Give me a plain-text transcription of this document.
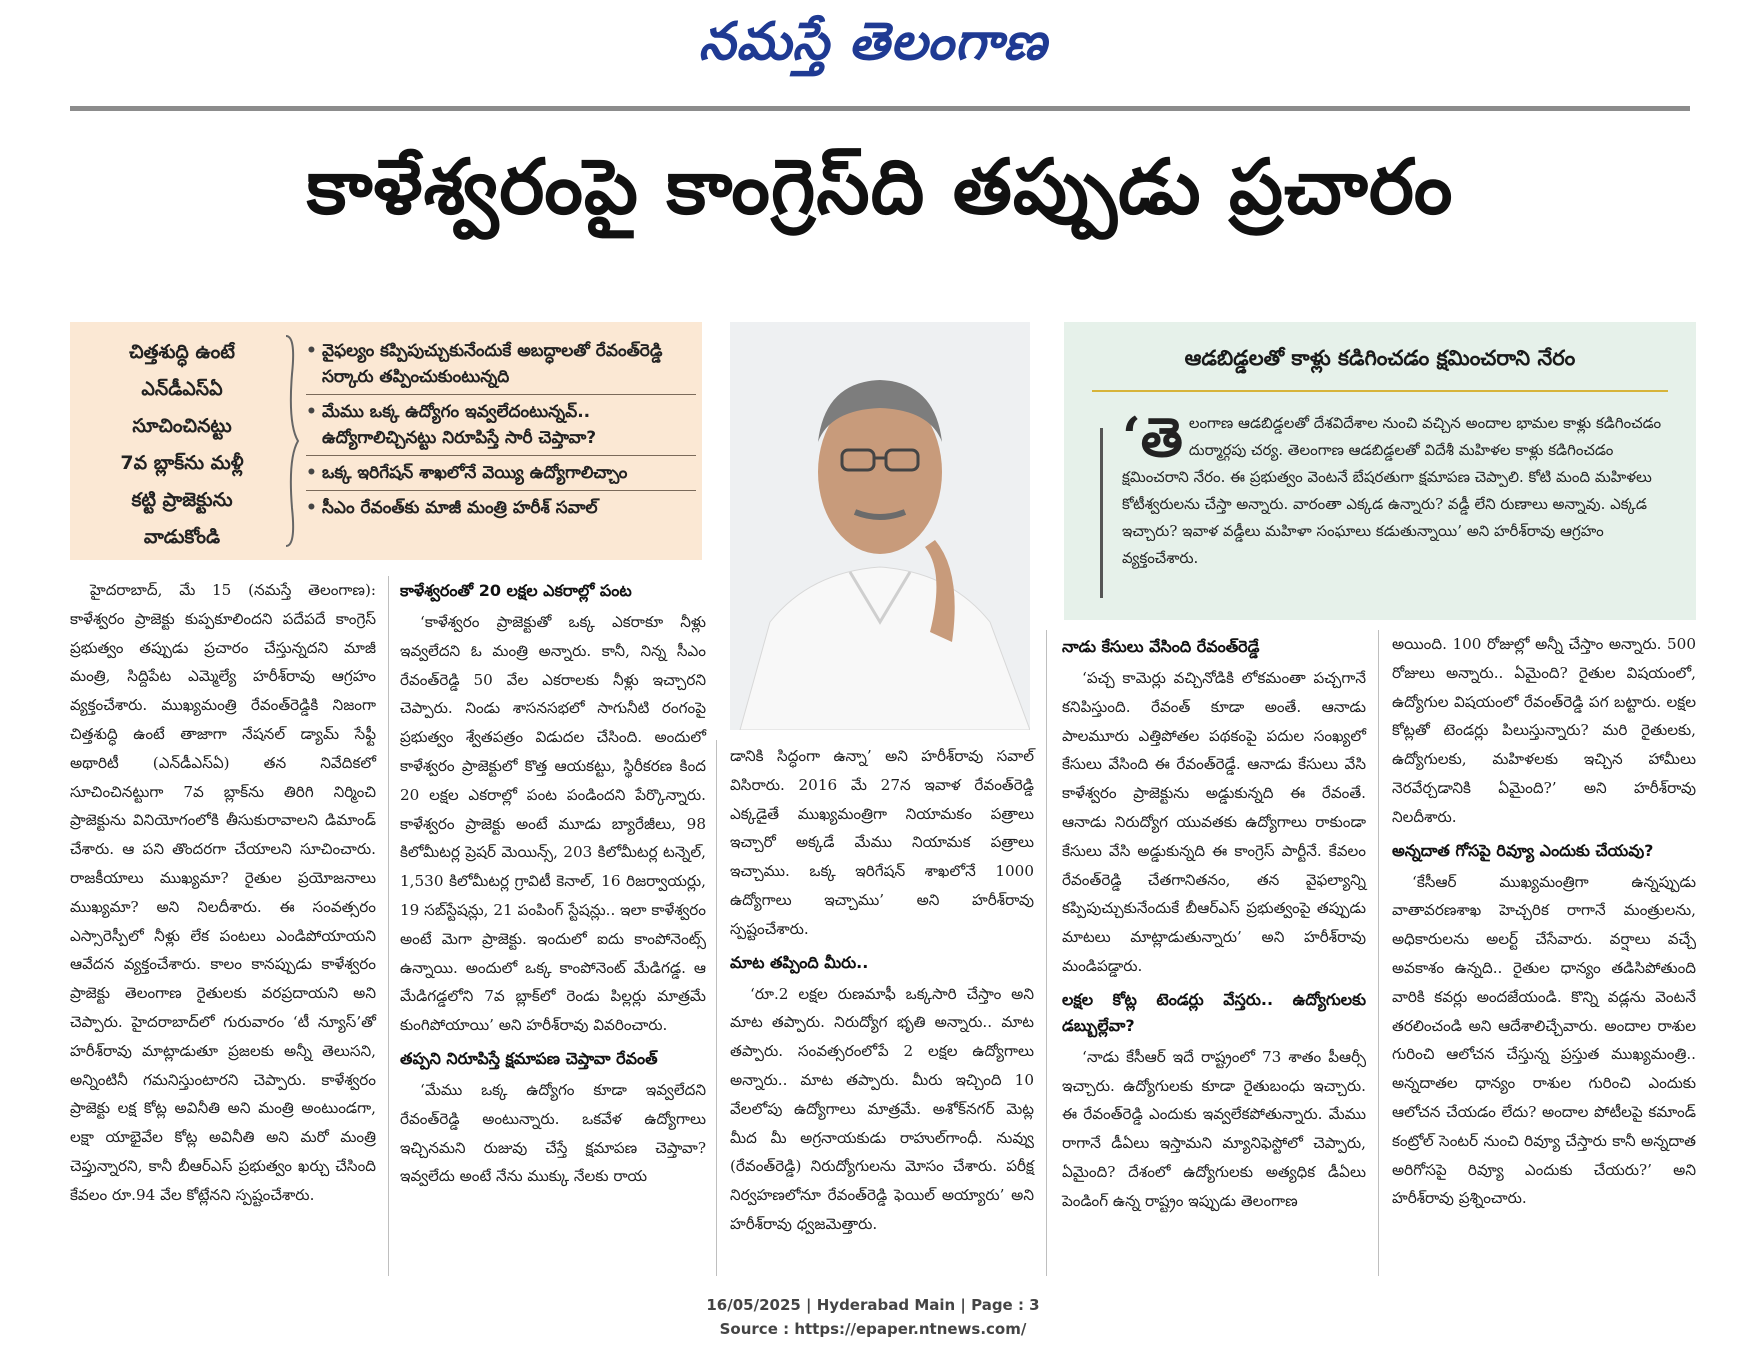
నమస్తే తెలంగాణ
కాళేశ్వరంపై కాంగ్రెస్‌ది తప్పుడు ప్రచారం
చిత్తశుద్ధి ఉంటే
ఎన్‌డీఎస్‌ఏ
సూచించినట్టు
7వ బ్లాక్‌ను మళ్లీ
కట్టి ప్రాజెక్టును
వాడుకోండి
• వైఫల్యం కప్పిపుచ్చుకునేందుకే అబద్ధాలతో రేవంత్‌రెడ్డి సర్కారు తప్పించుకుంటున్నది
• మేము ఒక్క ఉద్యోగం ఇవ్వలేదంటున్నవ్‌.. ఉద్యోగాలిచ్చినట్టు నిరూపిస్తే సారీ చెప్తావా?
• ఒక్క ఇరిగేషన్‌ శాఖలోనే వెయ్యి ఉద్యోగాలిచ్చాం
• సీఎం రేవంత్‌కు మాజీ మంత్రి హరీశ్‌ సవాల్‌
ఆడబిడ్డలతో కాళ్లు కడిగించడం క్షమించరాని నేరం
‘తె లంగాణ ఆడబిడ్డలతో దేశవిదేశాల నుంచి వచ్చిన అందాల భామల కాళ్లు కడిగించడం దుర్మార్గపు చర్య. తెలంగాణ ఆడబిడ్డలతో విదేశీ మహిళల కాళ్లు కడిగించడం క్షమించరాని నేరం. ఈ ప్రభుత్వం వెంటనే బేషరతుగా క్షమాపణ చెప్పాలి. కోటి మంది మహిళలు కోటీశ్వరులను చేస్తా అన్నారు. వారంతా ఎక్కడ ఉన్నారు? వడ్డీ లేని రుణాలు అన్నావు. ఎక్కడ ఇచ్చారు? ఇవాళ వడ్డీలు మహిళా సంఘాలు కడుతున్నాయి’ అని హరీశ్‌రావు ఆగ్రహం వ్యక్తంచేశారు.

హైదరాబాద్‌, మే 15 (నమస్తే తెలంగాణ): కాళేశ్వరం ప్రాజెక్టు కుప్పకూలిందని పదేపదే కాంగ్రెస్‌ ప్రభుత్వం తప్పుడు ప్రచారం చేస్తున్నదని మాజీ మంత్రి, సిద్దిపేట ఎమ్మెల్యే హరీశ్‌రావు ఆగ్రహం వ్యక్తంచేశారు. ముఖ్యమంత్రి రేవంత్‌రెడ్డికి నిజంగా చిత్తశుద్ధి ఉంటే తాజాగా నేషనల్‌ డ్యామ్‌ సేఫ్టీ అథారిటీ (ఎన్‌డీఎస్‌ఏ) తన నివేదికలో సూచించినట్టుగా 7వ బ్లాక్‌ను తిరిగి నిర్మించి ప్రాజెక్టును వినియోగంలోకి తీసుకురావాలని డిమాండ్‌ చేశారు. ఆ పని తొందరగా చేయాలని సూచించారు. రాజకీయాలు ముఖ్యమా? రైతుల ప్రయోజనాలు ముఖ్యమా? అని నిలదీశారు. ఈ సంవత్సరం ఎస్సారెస్పీలో నీళ్లు లేక పంటలు ఎండిపోయాయని ఆవేదన వ్యక్తంచేశారు. కాలం కానప్పుడు కాళేశ్వరం ప్రాజెక్టు తెలంగాణ రైతులకు వరప్రదాయని అని చెప్పారు. హైదరాబాద్‌లో గురువారం ‘టీ న్యూస్‌’తో హరీశ్‌రావు మాట్లాడుతూ ప్రజలకు అన్నీ తెలుసని, అన్నింటినీ గమనిస్తుంటారని చెప్పారు. కాళేశ్వరం ప్రాజెక్టు లక్ష కోట్ల అవినీతి అని మంత్రి అంటుండగా, లక్షా యాభైవేల కోట్ల అవినీతి అని మరో మంత్రి చెప్తున్నారని, కానీ బీఆర్‌ఎస్‌ ప్రభుత్వం ఖర్చు చేసింది కేవలం రూ.94 వేల కోట్లేనని స్పష్టంచేశారు.

కాళేశ్వరంతో 20 లక్షల ఎకరాల్లో పంట

‘కాళేశ్వరం ప్రాజెక్టుతో ఒక్క ఎకరాకూ నీళ్లు ఇవ్వలేదని ఓ మంత్రి అన్నారు. కానీ, నిన్న సీఎం రేవంత్‌రెడ్డి 50 వేల ఎకరాలకు నీళ్లు ఇచ్చారని చెప్పారు. నిండు శాసనసభలో సాగునీటి రంగంపై ప్రభుత్వం శ్వేతపత్రం విడుదల చేసింది. అందులో కాళేశ్వరం ప్రాజెక్టులో కొత్త ఆయకట్టు, స్థిరీకరణ కింద 20 లక్షల ఎకరాల్లో పంట పండిందని పేర్కొన్నారు. కాళేశ్వరం ప్రాజెక్టు అంటే మూడు బ్యారేజీలు, 98 కిలోమీటర్ల ప్రెషర్‌ మెయిన్స్‌, 203 కిలోమీటర్ల టన్నెల్‌, 1,530 కిలోమీటర్ల గ్రావిటీ కెనాల్‌, 16 రిజర్వాయర్లు, 19 సబ్‌స్టేషన్లు, 21 పంపింగ్‌ స్టేషన్లు.. ఇలా కాళేశ్వరం అంటే మెగా ప్రాజెక్టు. ఇందులో ఐదు కాంపోనెంట్స్‌ ఉన్నాయి. అందులో ఒక్క కాంపోనెంట్‌ మేడిగడ్డ. ఆ మేడిగడ్డలోని 7వ బ్లాక్‌లో రెండు పిల్లర్లు మాత్రమే కుంగిపోయాయి’ అని హరీశ్‌రావు వివరించారు.

తప్పని నిరూపిస్తే క్షమాపణ చెప్తావా రేవంత్‌

‘మేము ఒక్క ఉద్యోగం కూడా ఇవ్వలేదని రేవంత్‌రెడ్డి అంటున్నారు. ఒకవేళ ఉద్యోగాలు ఇచ్చినమని రుజువు చేస్తే క్షమాపణ చెప్తావా? ఇవ్వలేదు అంటే నేను ముక్కు నేలకు రాయ

డానికి సిద్ధంగా ఉన్నా’ అని హరీశ్‌రావు సవాల్‌ విసిరారు. 2016 మే 27న ఇవాళ రేవంత్‌రెడ్డి ఎక్కడైతే ముఖ్యమంత్రిగా నియామకం పత్రాలు ఇచ్చారో అక్కడే మేము నియామక పత్రాలు ఇచ్చాము. ఒక్క ఇరిగేషన్‌ శాఖలోనే 1000 ఉద్యోగాలు ఇచ్చాము’ అని హరీశ్‌రావు స్పష్టంచేశారు.

మాట తప్పింది మీరు..

‘రూ.2 లక్షల రుణమాఫీ ఒక్కసారి చేస్తాం అని మాట తప్పారు. నిరుద్యోగ భృతి అన్నారు.. మాట తప్పారు. సంవత్సరంలోపే 2 లక్షల ఉద్యోగాలు అన్నారు.. మాట తప్పారు. మీరు ఇచ్చింది 10 వేలలోపు ఉద్యోగాలు మాత్రమే. అశోక్‌నగర్‌ మెట్ల మీద మీ అగ్రనాయకుడు రాహుల్‌గాంధీ. నువ్వు (రేవంత్‌రెడ్డి) నిరుద్యోగులను మోసం చేశారు. పరీక్ష నిర్వహణలోనూ రేవంత్‌రెడ్డి ఫెయిల్‌ అయ్యారు’ అని హరీశ్‌రావు ధ్వజమెత్తారు.

నాడు కేసులు వేసింది రేవంత్‌రెడ్డే

‘పచ్చ కామెర్లు వచ్చినోడికి లోకమంతా పచ్చగానే కనిపిస్తుంది. రేవంత్‌ కూడా అంతే. ఆనాడు పాలమూరు ఎత్తిపోతల పథకంపై పదుల సంఖ్యలో కేసులు వేసింది ఈ రేవంత్‌రెడ్డే. ఆనాడు కేసులు వేసి కాళేశ్వరం ప్రాజెక్టును అడ్డుకున్నది ఈ రేవంతే. ఆనాడు నిరుద్యోగ యువతకు ఉద్యోగాలు రాకుండా కేసులు వేసి అడ్డుకున్నది ఈ కాంగ్రెస్‌ పార్టీనే. కేవలం రేవంత్‌రెడ్డి చేతగానితనం, తన వైఫల్యాన్ని కప్పిపుచ్చుకునేందుకే బీఆర్‌ఎస్‌ ప్రభుత్వంపై తప్పుడు మాటలు మాట్లాడుతున్నారు’ అని హరీశ్‌రావు మండిపడ్డారు.

లక్షల కోట్ల టెండర్లు వేస్తరు.. ఉద్యోగులకు డబ్బుల్లేవా?

‘నాడు కేసీఆర్‌ ఇదే రాష్ట్రంలో 73 శాతం పీఆర్సీ ఇచ్చారు. ఉద్యోగులకు కూడా రైతుబంధు ఇచ్చారు. ఈ రేవంత్‌రెడ్డి ఎందుకు ఇవ్వలేకపోతున్నారు. మేము రాగానే డీఏలు ఇస్తామని మ్యానిఫెస్టోలో చెప్పారు, ఏమైంది? దేశంలో ఉద్యోగులకు అత్యధిక డీఏలు పెండింగ్‌ ఉన్న రాష్ట్రం ఇప్పుడు తెలంగాణ

అయింది. 100 రోజుల్లో అన్నీ చేస్తాం అన్నారు. 500 రోజులు అన్నారు.. ఏమైంది? రైతుల విషయంలో, ఉద్యోగుల విషయంలో రేవంత్‌రెడ్డి పగ బట్టారు. లక్షల కోట్లతో టెండర్లు పిలుస్తున్నారు? మరి రైతులకు, ఉద్యోగులకు, మహిళలకు ఇచ్చిన హామీలు నెరవేర్చడానికి ఏమైంది?’ అని హరీశ్‌రావు నిలదీశారు.

అన్నదాత గోసపై రివ్యూ ఎందుకు చేయవు?

‘కేసీఆర్‌ ముఖ్యమంత్రిగా ఉన్నప్పుడు వాతావరణశాఖ హెచ్చరిక రాగానే మంత్రులను, అధికారులను అలర్ట్‌ చేసేవారు. వర్షాలు వచ్చే అవకాశం ఉన్నది.. రైతుల ధాన్యం తడిసిపోతుంది వారికి కవర్లు అందజేయండి. కొన్ని వడ్లను వెంటనే తరలించండి అని ఆదేశాలిచ్చేవారు. అందాల రాశుల గురించి ఆలోచన చేస్తున్న ప్రస్తుత ముఖ్యమంత్రి.. అన్నదాతల ధాన్యం రాశుల గురించి ఎందుకు ఆలోచన చేయడం లేదు? అందాల పోటీలపై కమాండ్‌ కంట్రోల్‌ సెంటర్‌ నుంచి రివ్యూ చేస్తారు కానీ అన్నదాత అరిగోసపై రివ్యూ ఎందుకు చేయరు?’ అని హరీశ్‌రావు ప్రశ్నించారు.

16/05/2025 | Hyderabad Main | Page : 3
Source : https://epaper.ntnews.com/
